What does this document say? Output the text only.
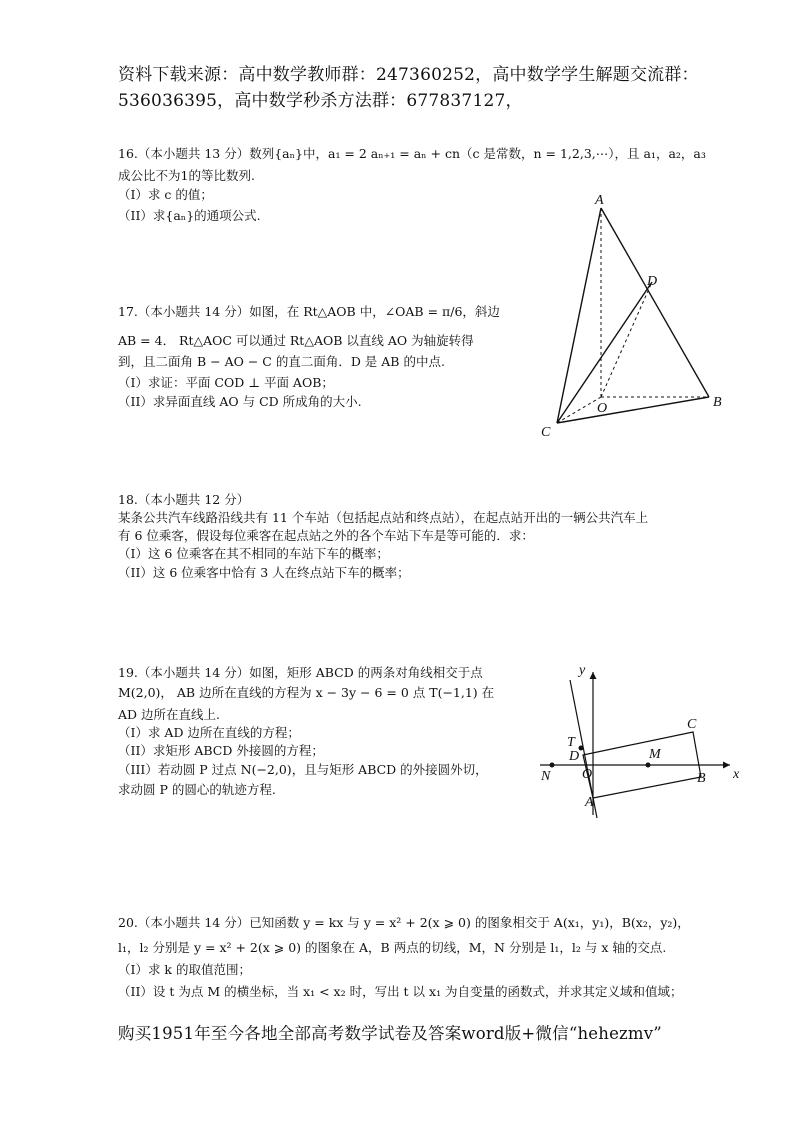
资料下载来源：高中数学教师群：247360252，高中数学学生解题交流群：
536036395，高中数学秒杀方法群：677837127，
16.（本小题共 13 分）数列{aₙ}中，a₁ = 2 aₙ₊₁ = aₙ + cn（c 是常数，n = 1,2,3,⋯），且 a₁，a₂，a₃
成公比不为1的等比数列.
（I）求 c 的值；
（II）求{aₙ}的通项公式.
17.（本小题共 14 分）如图，在 Rt△AOB 中，∠OAB = π/6，斜边
AB = 4． Rt△AOC 可以通过 Rt△AOB 以直线 AO 为轴旋转得
到，且二面角 B − AO − C 的直二面角．D 是 AB 的中点.
（I）求证：平面 COD ⊥ 平面 AOB；
（II）求异面直线 AO 与 CD 所成角的大小.
A
D
O	B
C
18.（本小题共 12 分）
某条公共汽车线路沿线共有 11 个车站（包括起点站和终点站），在起点站开出的一辆公共汽车上
有 6 位乘客，假设每位乘客在起点站之外的各个车站下车是等可能的．求：
（I）这 6 位乘客在其不相同的车站下车的概率；
（II）这 6 位乘客中恰有 3 人在终点站下车的概率；
19.（本小题共 14 分）如图，矩形 ABCD 的两条对角线相交于点
M(2,0)， AB 边所在直线的方程为 x − 3y − 6 = 0 点 T(−1,1) 在
AD 边所在直线上.
（I）求 AD 边所在直线的方程；
（II）求矩形 ABCD 外接圆的方程；
（III）若动圆 P 过点 N(−2,0)，且与矩形 ABCD 的外接圆外切，
求动圆 P 的圆心的轨迹方程.
y
x
C
T
D	M
N O	B
A
20.（本小题共 14 分）已知函数 y = kx 与 y = x² + 2(x ⩾ 0) 的图象相交于 A(x₁，y₁)，B(x₂，y₂)，
l₁，l₂ 分别是 y = x² + 2(x ⩾ 0) 的图象在 A，B 两点的切线，M，N 分别是 l₁，l₂ 与 x 轴的交点.
（I）求 k 的取值范围；
（II）设 t 为点 M 的横坐标，当 x₁ < x₂ 时，写出 t 以 x₁ 为自变量的函数式，并求其定义域和值域；
购买1951年至今各地全部高考数学试卷及答案word版+微信“hehezmv”
